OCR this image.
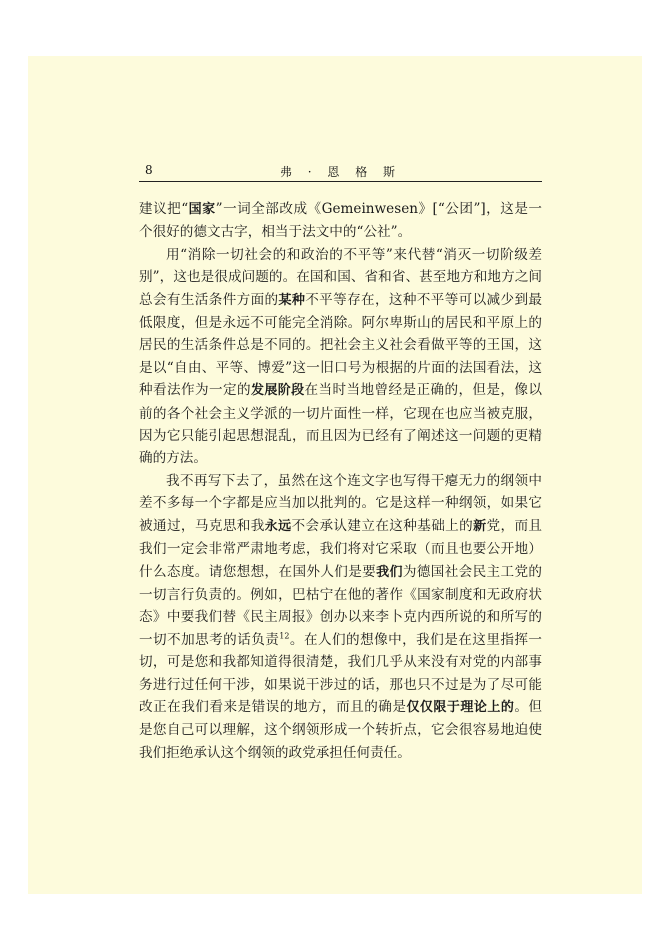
8	弗 · 恩 格 斯

建议把“国家”一词全部改成《Gemeinwesen》[“公团”]，这是一个很好的德文古字，相当于法文中的“公社”。

用“消除一切社会的和政治的不平等”来代替“消灭一切阶级差别”，这也是很成问题的。在国和国、省和省、甚至地方和地方之间总会有生活条件方面的某种不平等存在，这种不平等可以减少到最低限度，但是永远不可能完全消除。阿尔卑斯山的居民和平原上的居民的生活条件总是不同的。把社会主义社会看做平等的王国，这是以“自由、平等、博爱”这一旧口号为根据的片面的法国看法，这种看法作为一定的发展阶段在当时当地曾经是正确的，但是，像以前的各个社会主义学派的一切片面性一样，它现在也应当被克服，因为它只能引起思想混乱，而且因为已经有了阐述这一问题的更精确的方法。

我不再写下去了，虽然在这个连文字也写得干瘪无力的纲领中差不多每一个字都是应当加以批判的。它是这样一种纲领，如果它被通过，马克思和我永远不会承认建立在这种基础上的新党，而且我们一定会非常严肃地考虑，我们将对它采取（而且也要公开地）什么态度。请您想想，在国外人们是要我们为德国社会民主工党的一切言行负责的。例如，巴枯宁在他的著作《国家制度和无政府状态》中要我们替《民主周报》创办以来李卜克内西所说的和所写的一切不加思考的话负责$^{12}$。在人们的想像中，我们是在这里指挥一切，可是您和我都知道得很清楚，我们几乎从来没有对党的内部事务进行过任何干涉，如果说干涉过的话，那也只不过是为了尽可能改正在我们看来是错误的地方，而且的确是仅仅限于理论上的。但是您自己可以理解，这个纲领形成一个转折点，它会很容易地迫使我们拒绝承认这个纲领的政党承担任何责任。
